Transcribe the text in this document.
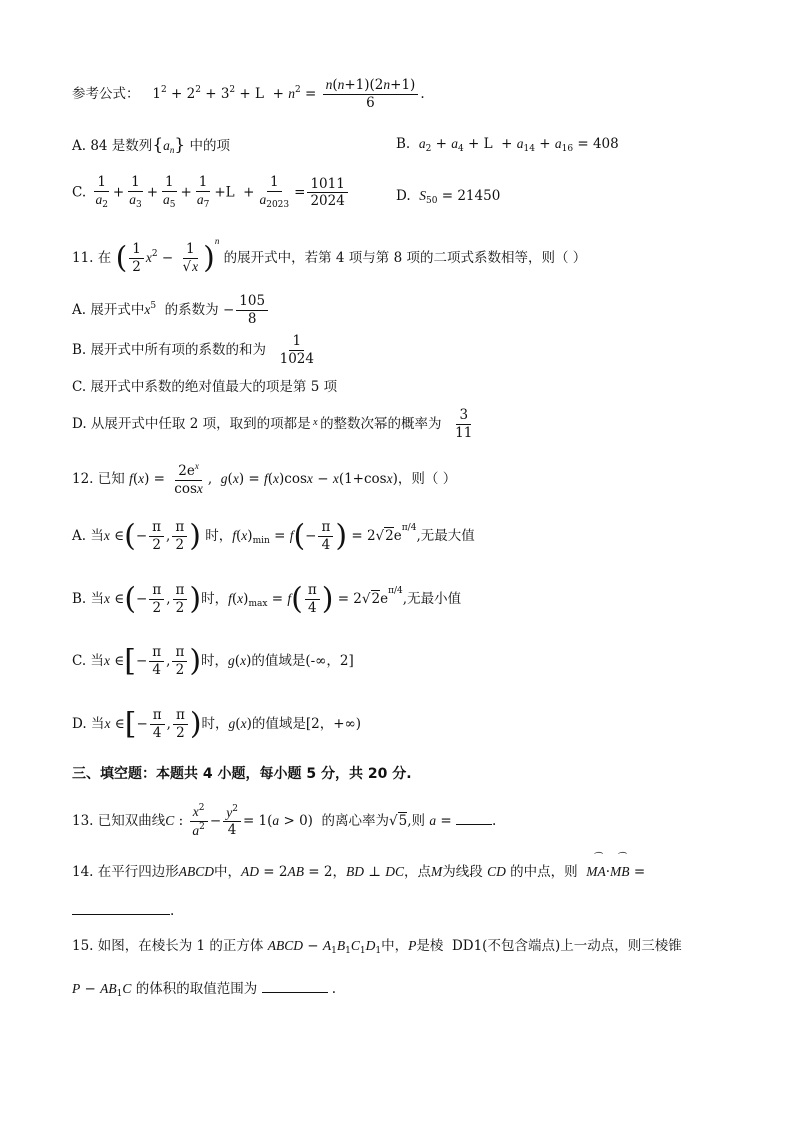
参考公式：   $1^2 + 2^2 + 3^2 + L + n^2 = \frac{n(n+1)(2n+1)}{6}$ .
A. 84 是数列$\{a_n\}$ 中的项	B. $a_2 + a_4 + L + a_{14} + a_{16} = 408$
C. $\frac{1}{a_2} + \frac{1}{a_3} + \frac{1}{a_5} + \frac{1}{a_7} +L + \frac{1}{a_{2023}} = \frac{1011}{2024}$	D. $S_{50} = 21450$
11. 在 ( $\frac{1}{2} x^2 - \frac{1}{√x} )^n$ 的展开式中，若第 4 项与第 8 项的二项式系数相等，则（ ）
A. 展开式中$x^5$ 的系数为 − $\frac{105}{8}$
B. 展开式中所有项的系数的和为 $\frac{1}{1024}$
C. 展开式中系数的绝对值最大的项是第 5 项
D. 从展开式中任取 2 项，取到的项都是 $^x$ 的整数次幂的概率为 $\frac{3}{11}$
12. 已知 $f(x) = \frac{2e^x}{\cos x}$ ,  g(x) = f(x)cosx − x(1+cosx)，则（ ）
A. 当x ∈(− $\frac{\pi}{2}$ , $\frac{\pi}{2}$ ) 时，$f(x)_{min} = f(- \frac{\pi}{4}$ ) = $2√2e^{\pi/4}$,无最大值
B. 当x ∈(− $\frac{\pi}{2}$ , $\frac{\pi}{2}$ )时，$f(x)_{max} = f( \frac{\pi}{4}$ ) = $2√2e^{\pi/4}$,无最小值
C. 当x ∈[− $\frac{\pi}{4}$ , $\frac{\pi}{2}$ )时，g(x)的值域是(-∞，2]
D. 当x ∈[− $\frac{\pi}{4}$ , $\frac{\pi}{2}$ )时，g(x)的值域是[2，+∞)
三、填空题：本题共 4 小题，每小题 5 分，共 20 分.
13. 已知双曲线C : $\frac{x^2}{a^2} - \frac{y^2}{4} = 1(a > 0)$  的离心率为√5,则 a =	.
14. 在平行四边形ABCD中，AD = 2AB = 2，BD ⊥ DC，点M为线段 CD 的中点，则  ⏜ MA·⏜ MB =
.
15. 如图，在棱长为 1 的正方体 ABCD − $A_1B_1C_1D_1$中，P是棱 DD1(不包含端点)上一动点，则三棱锥
$P - AB_1C$ 的体积的取值范围为	.
